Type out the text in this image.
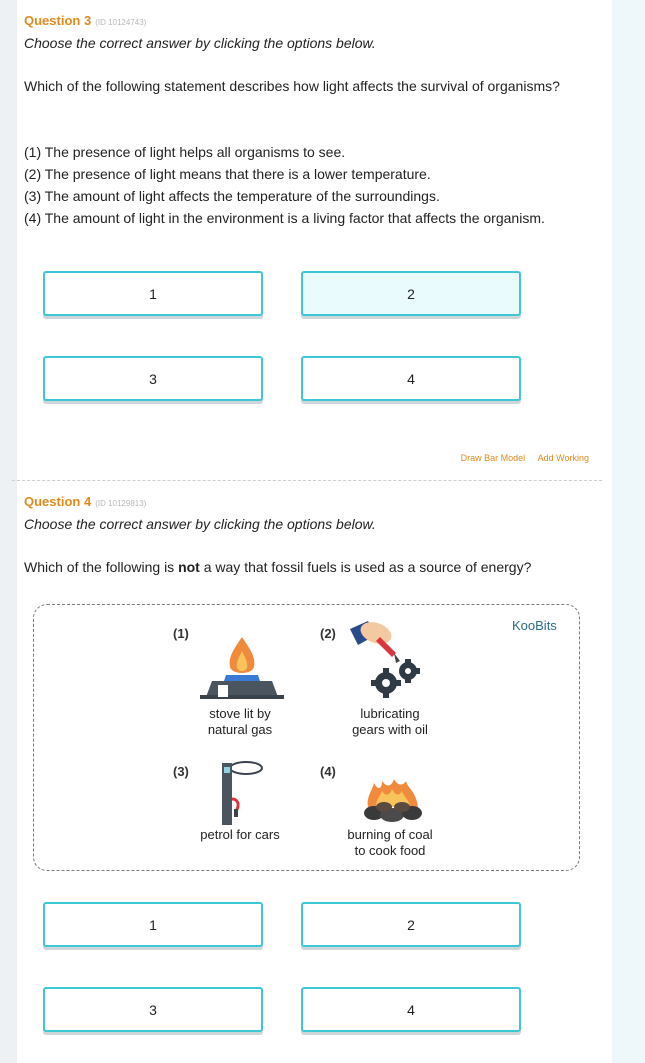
Question 3 (ID 10124743)
Choose the correct answer by clicking the options below.
Which of the following statement describes how light affects the survival of organisms?
(1) The presence of light helps all organisms to see.
(2) The presence of light means that there is a lower temperature.
(3) The amount of light affects the temperature of the surroundings.
(4) The amount of light in the environment is a living factor that affects the organism.
1	2
3	4
Draw Bar Model Add Working
Question 4 (ID 10129813)
Choose the correct answer by clicking the options below.
Which of the following is not a way that fossil fuels is used as a source of energy?
KooBits
(1)
stove lit by
natural gas
(2)
lubricating
gears with oil
(3)
petrol for cars
(4)
burning of coal
to cook food
1	2
3	4
